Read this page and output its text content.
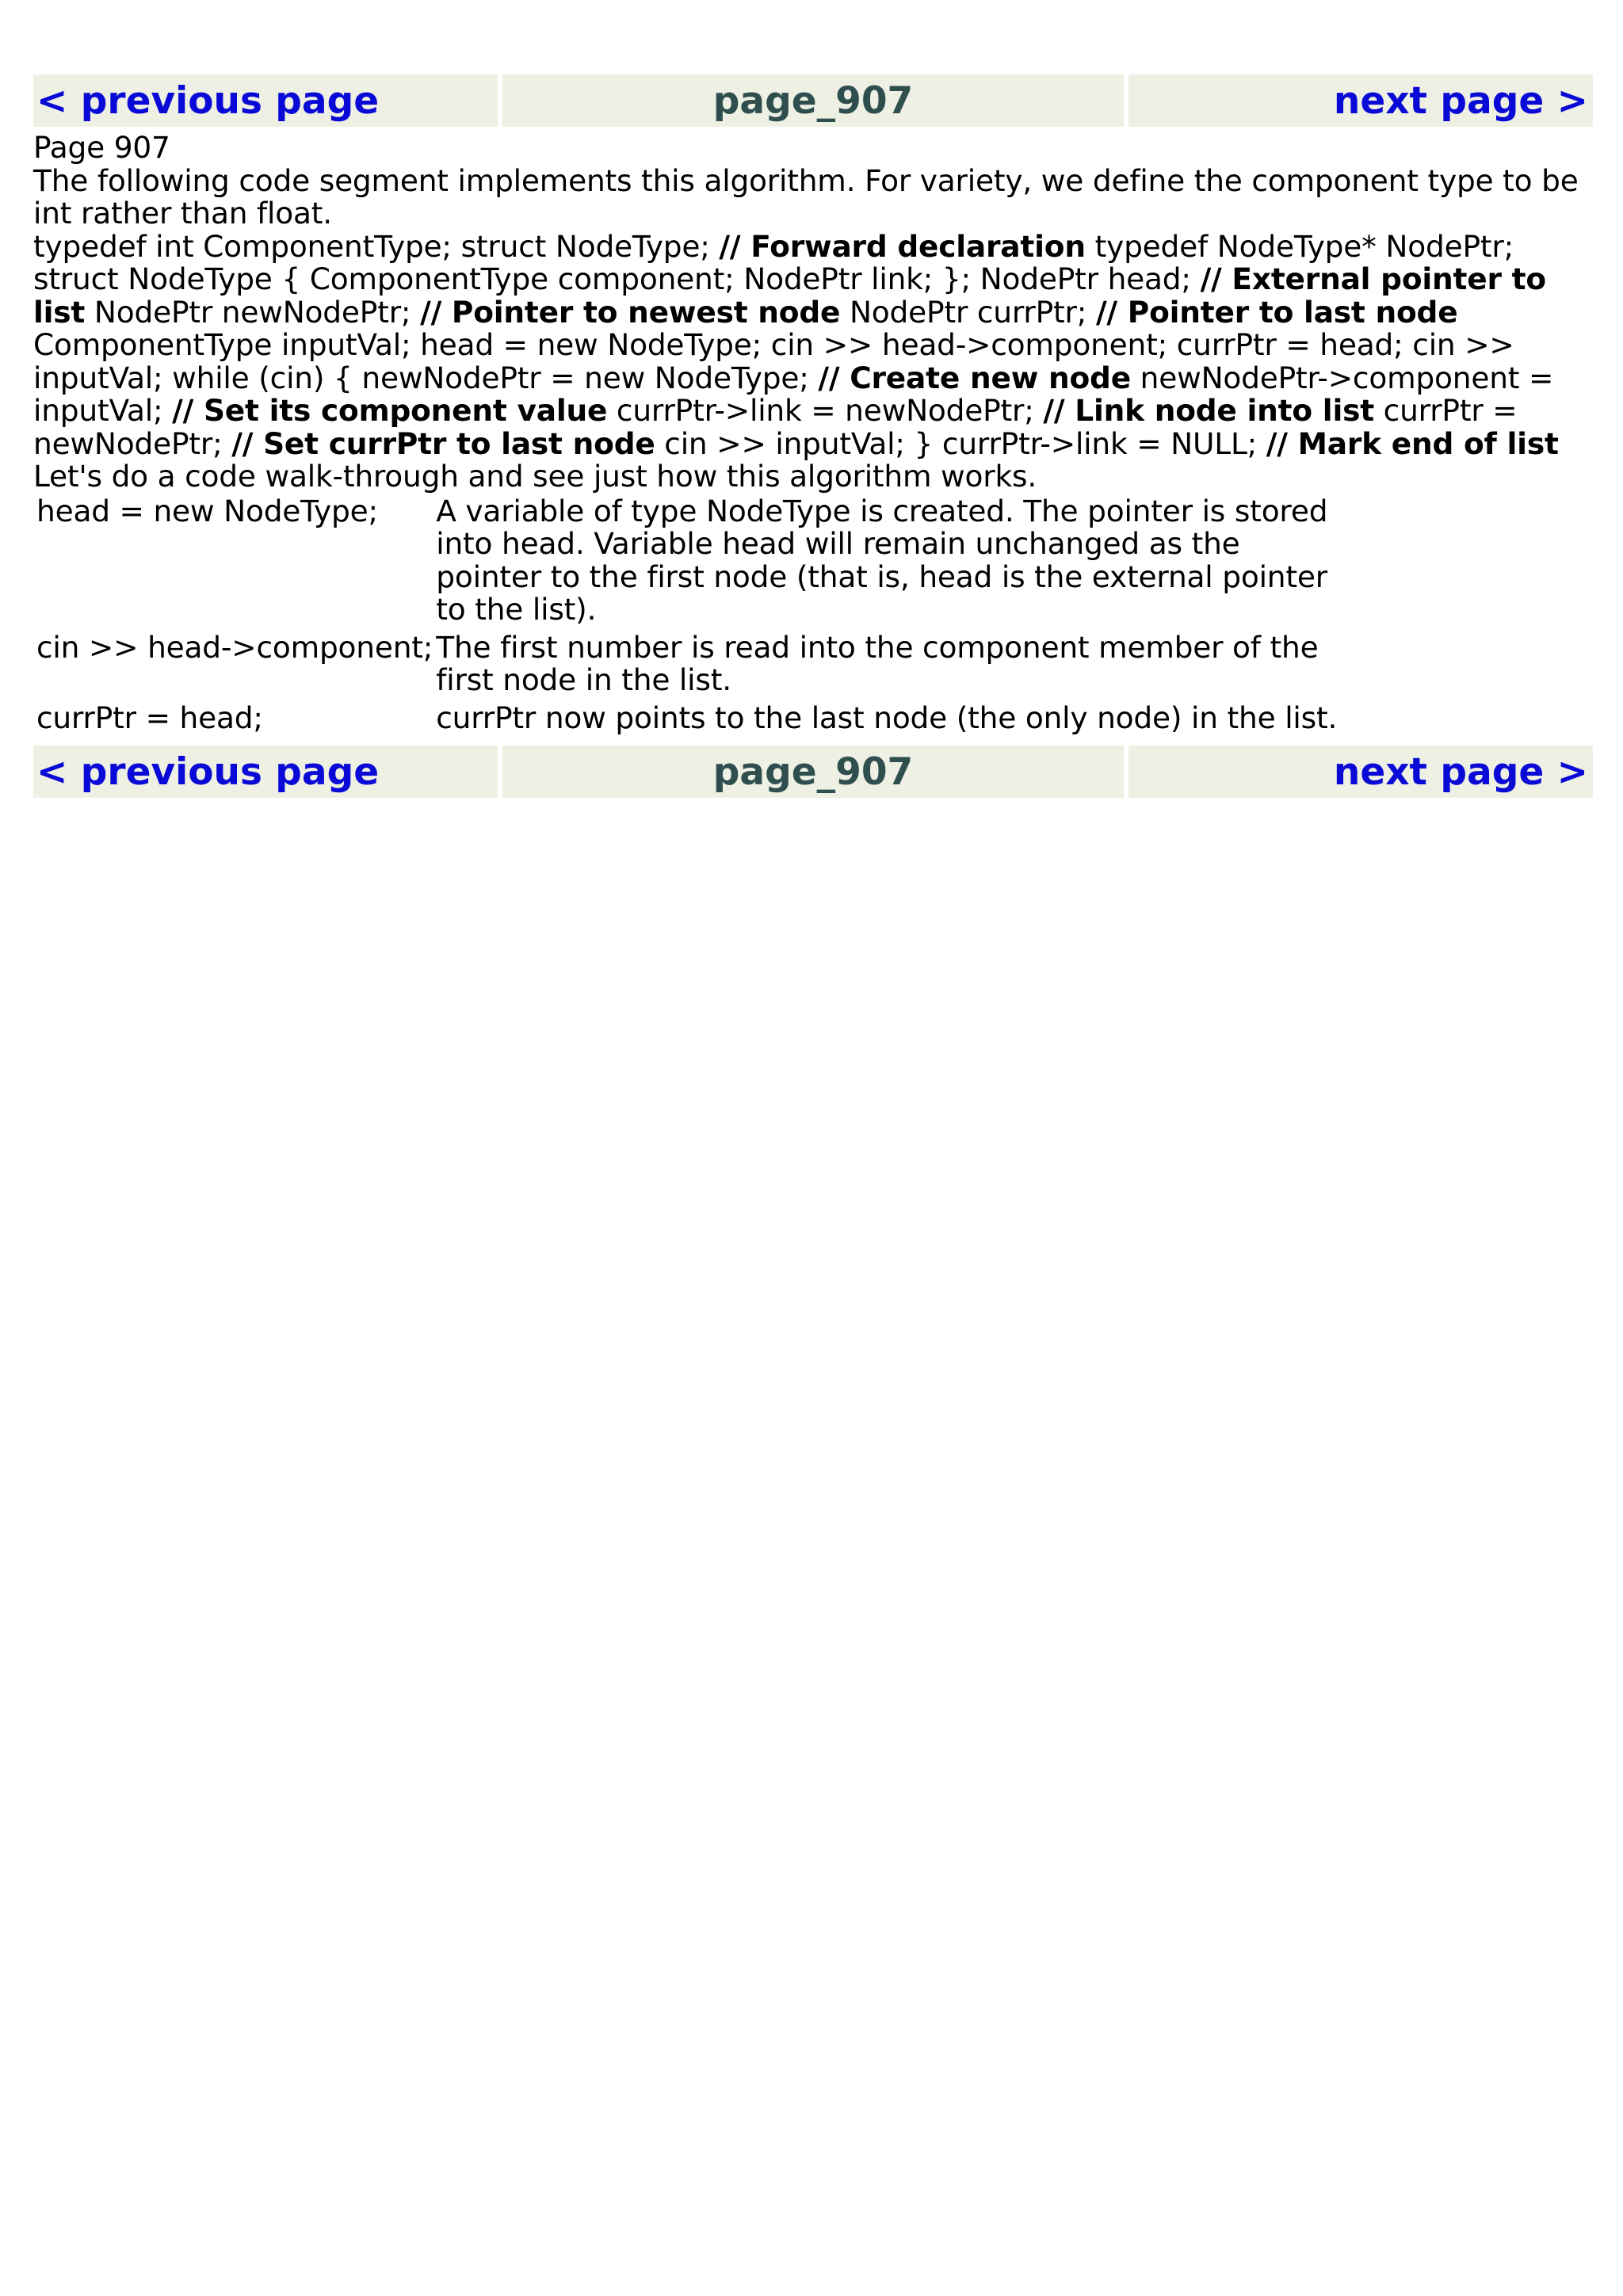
< previous page	page_907	next page >

Page 907

The following code segment implements this algorithm. For variety, we define the component type to be int rather than float.

typedef int ComponentType; struct NodeType; // Forward declaration typedef NodeType* NodePtr; struct NodeType { ComponentType component; NodePtr link; }; NodePtr head; // External pointer to list NodePtr newNodePtr; // Pointer to newest node NodePtr currPtr; // Pointer to last node ComponentType inputVal; head = new NodeType; cin >> head->component; currPtr = head; cin >> inputVal; while (cin) { newNodePtr = new NodeType; // Create new node newNodePtr->component = inputVal; // Set its component value currPtr->link = newNodePtr; // Link node into list currPtr = newNodePtr; // Set currPtr to last node cin >> inputVal; } currPtr->link = NULL; // Mark end of list

Let's do a code walk-through and see just how this algorithm works.

head = new NodeType;	A variable of type NodeType is created. The pointer is stored into head. Variable head will remain unchanged as the pointer to the first node (that is, head is the external pointer to the list).

cin >> head->component;	The first number is read into the component member of the first node in the list.

currPtr = head;	currPtr now points to the last node (the only node) in the list.
< previous page	page_907	next page >
